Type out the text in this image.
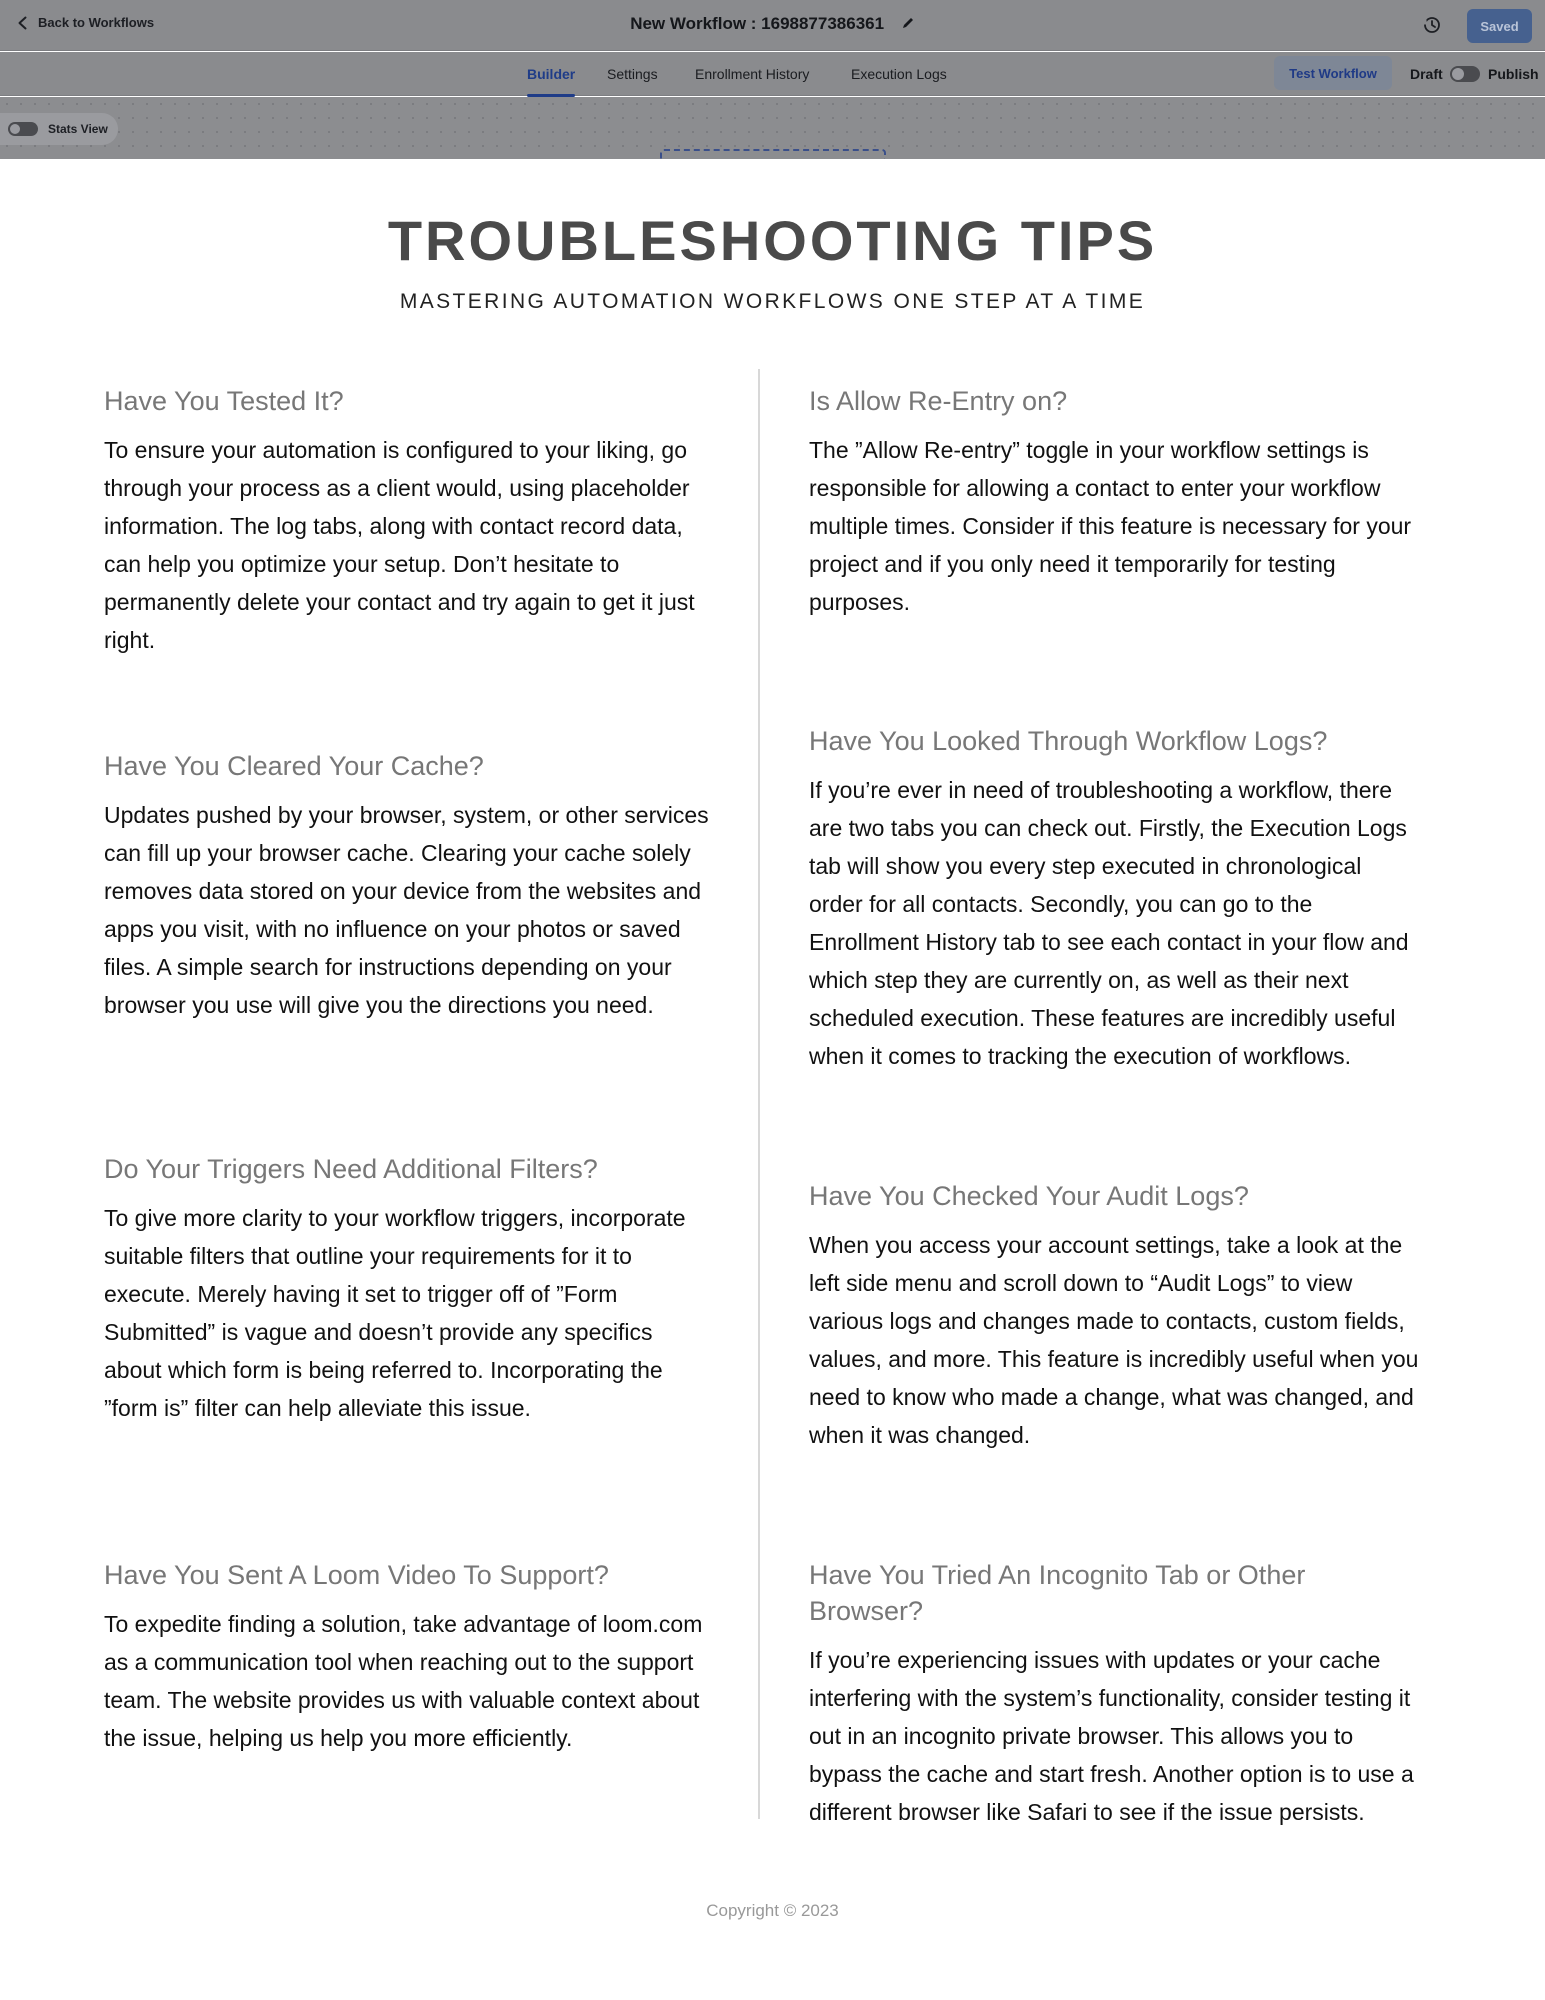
Back to Workflows	New Workflow : 1698877386361	Saved
Builder Settings	Enrollment History	Execution Logs	Test Workflow	Draft	Publish
Stats View
TROUBLESHOOTING TIPS
MASTERING AUTOMATION WORKFLOWS ONE STEP AT A TIME
Have You Tested It?

To ensure your automation is configured to your liking, go through your process as a client would, using placeholder information. The log tabs, along with contact record data, can help you optimize your setup. Don’t hesitate to permanently delete your contact and try again to get it just right.

Is Allow Re-Entry on?

The ”Allow Re-entry” toggle in your workflow settings is responsible for allowing a contact to enter your workflow multiple times. Consider if this feature is necessary for your project and if you only need it temporarily for testing purposes.

Have You Cleared Your Cache?

Updates pushed by your browser, system, or other services can fill up your browser cache. Clearing your cache solely removes data stored on your device from the websites and apps you visit, with no influence on your photos or saved files. A simple search for instructions depending on your browser you use will give you the directions you need.

Have You Looked Through Workflow Logs?

If you’re ever in need of troubleshooting a workflow, there are two tabs you can check out. Firstly, the Execution Logs tab will show you every step executed in chronological order for all contacts. Secondly, you can go to the Enrollment History tab to see each contact in your flow and which step they are currently on, as well as their next scheduled execution. These features are incredibly useful when it comes to tracking the execution of workflows.

Do Your Triggers Need Additional Filters?

To give more clarity to your workflow triggers, incorporate suitable filters that outline your requirements for it to execute. Merely having it set to trigger off of ”Form Submitted” is vague and doesn’t provide any specifics about which form is being referred to. Incorporating the ”form is” filter can help alleviate this issue.

Have You Checked Your Audit Logs?

When you access your account settings, take a look at the left side menu and scroll down to “Audit Logs” to view various logs and changes made to contacts, custom fields, values, and more. This feature is incredibly useful when you need to know who made a change, what was changed, and when it was changed.

Have You Sent A Loom Video To Support?

To expedite finding a solution, take advantage of loom.com as a communication tool when reaching out to the support team. The website provides us with valuable context about the issue, helping us help you more efficiently.

Have You Tried An Incognito Tab or Other Browser?

If you’re experiencing issues with updates or your cache interfering with the system’s functionality, consider testing it out in an incognito private browser. This allows you to bypass the cache and start fresh. Another option is to use a different browser like Safari to see if the issue persists.

Copyright © 2023
